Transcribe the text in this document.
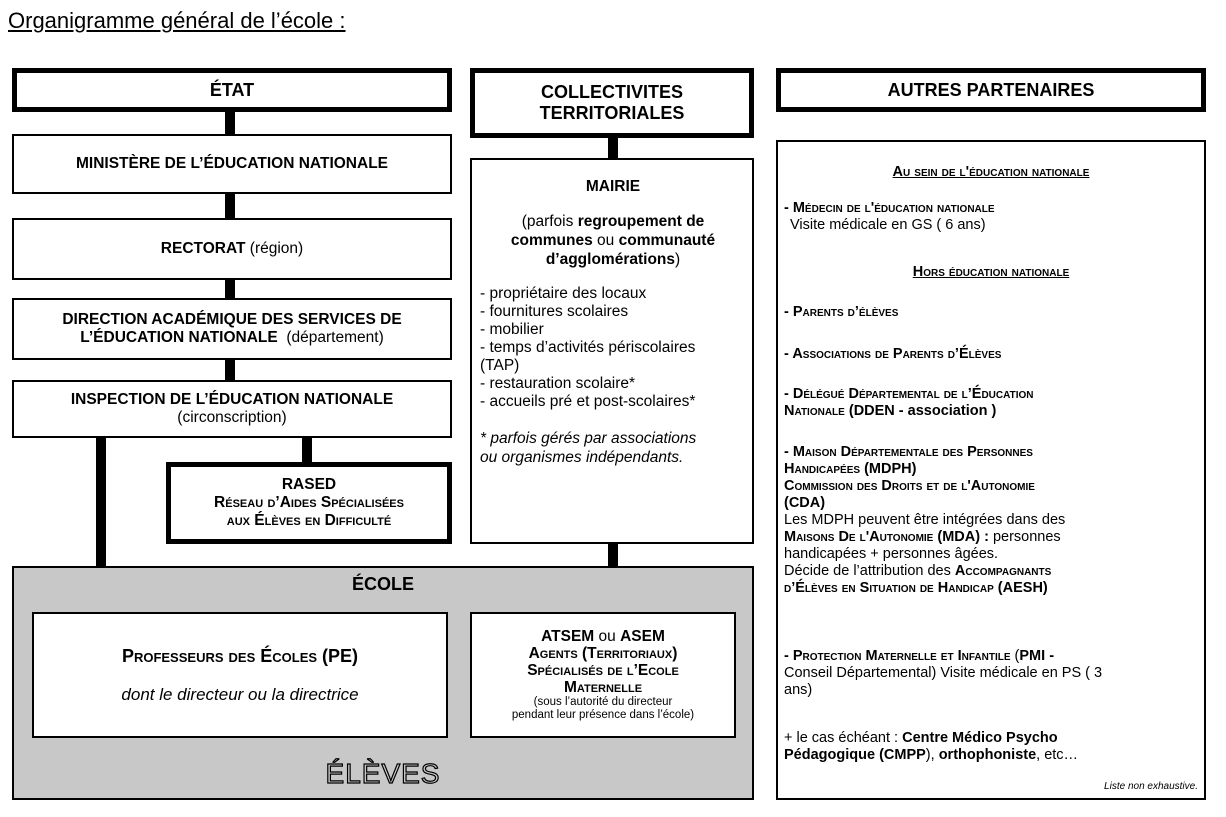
Organigramme général de l’école :
ÉTAT
MINISTÈRE DE L’ÉDUCATION NATIONALE
RECTORAT (région)
DIRECTION ACADÉMIQUE DES SERVICES DE
L’ÉDUCATION NATIONALE (département)
INSPECTION DE L’ÉDUCATION NATIONALE
(circonscription)
RASED
Réseau d’Aides Spécialisées
aux Élèves en Difficulté
COLLECTIVITES
TERRITORIALES
MAIRIE
(parfois regroupement de
communes ou communauté
d’agglomérations)
- propriétaire des locaux
- fournitures scolaires
- mobilier
- temps d’activités périscolaires
(TAP)
- restauration scolaire*
- accueils pré et post-scolaires*
* parfois gérés par associations
ou organismes indépendants.
ÉCOLE
Professeurs des Écoles (PE)
dont le directeur ou la directrice
ATSEM ou ASEM
Agents (Territoriaux)
Spécialisés de l’Ecole
Maternelle
(sous l’autorité du directeur
pendant leur présence dans l’école)
ÉLÈVES
AUTRES PARTENAIRES
Au sein de l'éducation nationale
- Médecin de l'éducation nationale
Visite médicale en GS ( 6 ans)
Hors éducation nationale
- Parents d’élèves
- Associations de Parents d’Élèves
- Délégué Départemental de l’Éducation
Nationale (DDEN - association )
- Maison Départementale des Personnes
Handicapées (MDPH)
Commission des Droits et de l'Autonomie
(CDA)
Les MDPH peuvent être intégrées dans des
Maisons De l'Autonomie (MDA) : personnes
handicapées + personnes âgées.
Décide de l’attribution des Accompagnants
d’Élèves en Situation de Handicap (AESH)
- Protection Maternelle et Infantile (PMI -
Conseil Départemental) Visite médicale en PS ( 3
ans)
+ le cas échéant : Centre Médico Psycho
Pédagogique (CMPP), orthophoniste, etc…
Liste non exhaustive.
